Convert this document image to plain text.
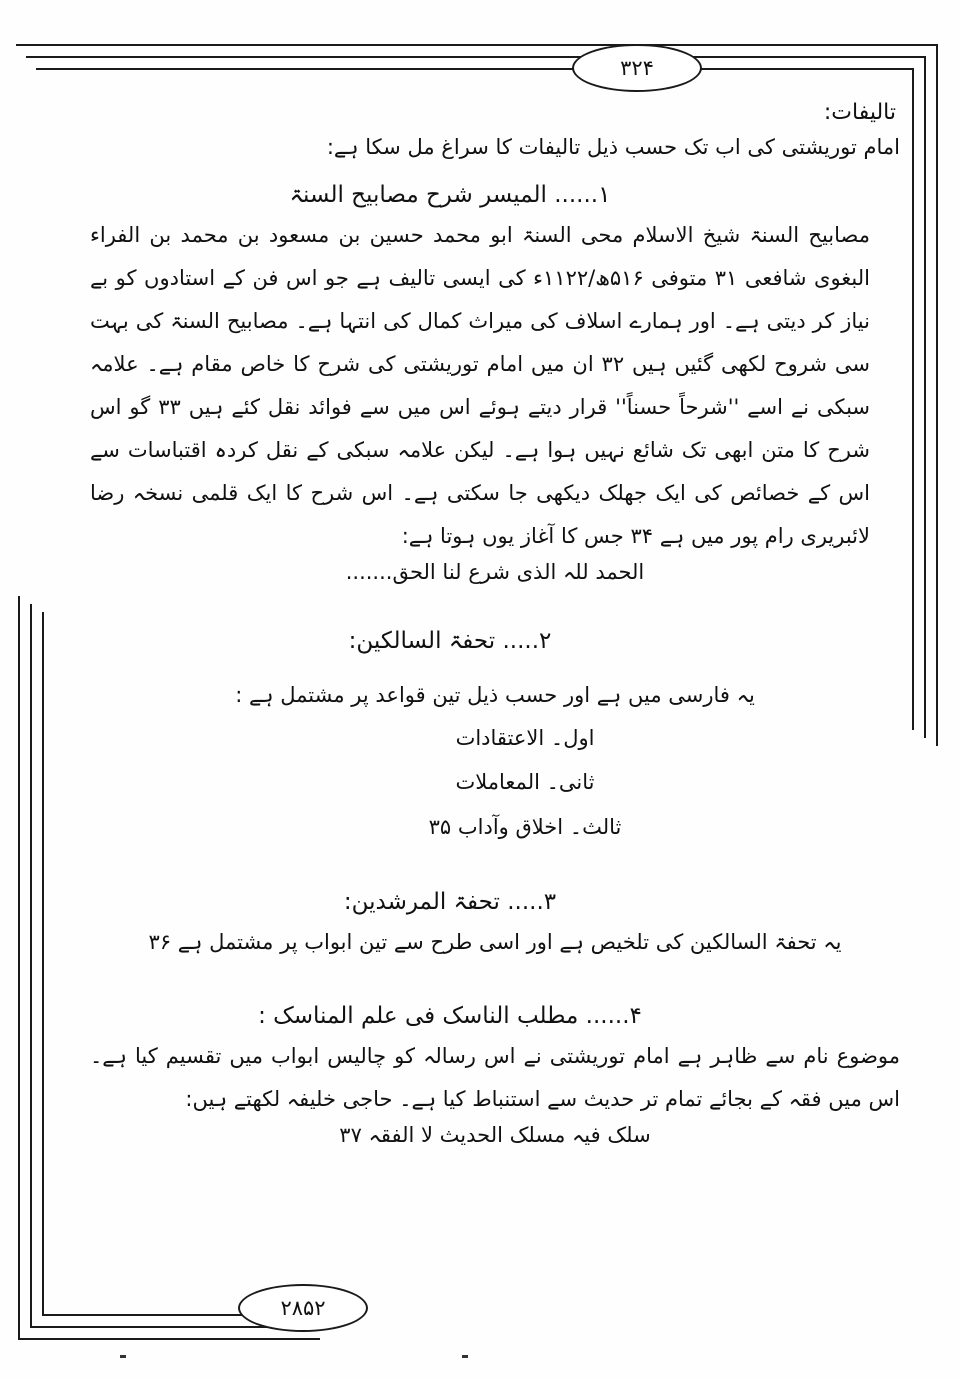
۳۲۴
۲۸۵۲
تالیفات:
امام توریشتی کی اب تک حسب ذیل تالیفات کا سراغ مل سکا ہے:
۱...... المیسر شرح مصابیح السنۃ
مصابیح السنۃ شیخ الاسلام محی السنۃ ابو محمد حسین بن مسعود بن محمد بن الفراء البغوی شافعی ۳۱ متوفی ۵۱۶ھ/۱۱۲۲ء کی ایسی تالیف ہے جو اس فن کے استادوں کو بے نیاز کر دیتی ہے۔ اور ہمارے اسلاف کی میراث کمال کی انتہا ہے۔ مصابیح السنۃ کی بہت سی شروح لکھی گئیں ہیں ۳۲ ان میں امام توریشتی کی شرح کا خاص مقام ہے۔ علامہ سبکی نے اسے ''شرحاً حسناً'' قرار دیتے ہوئے اس میں سے فوائد نقل کئے ہیں ۳۳ گو اس شرح کا متن ابھی تک شائع نہیں ہوا ہے۔ لیکن علامہ سبکی کے نقل کردہ اقتباسات سے اس کے خصائص کی ایک جھلک دیکھی جا سکتی ہے۔ اس شرح کا ایک قلمی نسخہ رضا لائبریری رام پور میں ہے ۳۴ جس کا آغاز یوں ہوتا ہے:
الحمد للہ الذی شرع لنا الحق.......
۲..... تحفۃ السالکین:
یہ فارسی میں ہے اور حسب ذیل تین قواعد پر مشتمل ہے :
اول۔ الاعتقادات
ثانی۔ المعاملات
ثالث۔ اخلاق وآداب ۳۵
۳..... تحفۃ المرشدین:
یہ تحفۃ السالکین کی تلخیص ہے اور اسی طرح سے تین ابواب پر مشتمل ہے ۳۶
۴...... مطلب الناسک فی علم المناسک :
موضوع نام سے ظاہر ہے امام توریشتی نے اس رسالہ کو چالیس ابواب میں تقسیم کیا ہے۔ اس میں فقہ کے بجائے تمام تر حدیث سے استنباط کیا ہے۔ حاجی خلیفہ لکھتے ہیں:
سلک فیہ مسلک الحدیث لا الفقہ ۳۷
